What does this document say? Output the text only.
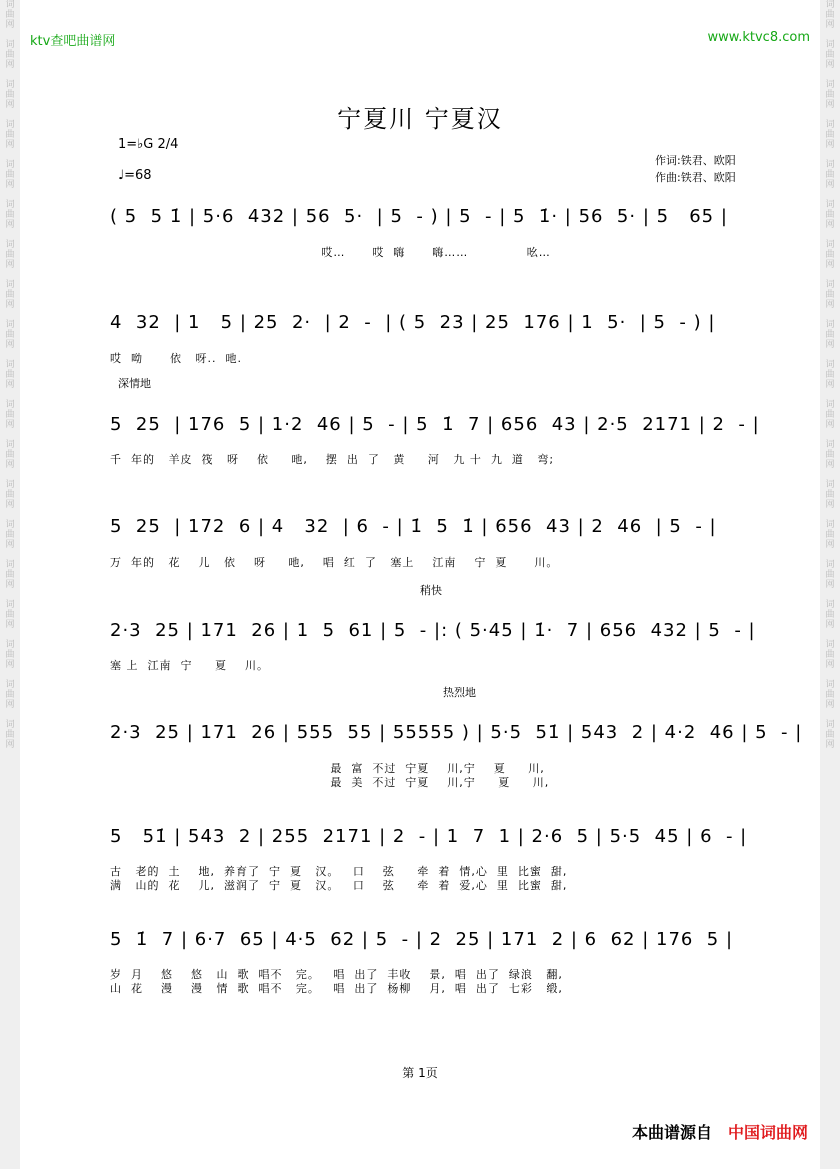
词
曲
网

词
曲
网

词
曲
网

词
曲
网

词
曲
网

词
曲
网

词
曲
网

词
曲
网

词
曲
网

词
曲
网

词
曲
网

词
曲
网

词
曲
网

词
曲
网

词
曲
网

词
曲
网

词
曲
网

词
曲
网

词
曲
网
词
曲
网

词
曲
网

词
曲
网

词
曲
网

词
曲
网

词
曲
网

词
曲
网

词
曲
网

词
曲
网

词
曲
网

词
曲
网

词
曲
网

词
曲
网

词
曲
网

词
曲
网

词
曲
网

词
曲
网

词
曲
网

词
曲
网
ktv查吧曲谱网	www.ktvc8.com
宁夏川 宁夏汉
1=♭G 2/4
♩=68
作词:铁君、欧阳
作曲:铁君、欧阳
( 5  5 1̇ | 5·6  432 | 56  5·  | 5  - ) | 5  - | 5  1̇· | 56  5· | 5   65 |
哎…      哎  嗨      嗨……             吆…
4  32  | 1   5 | 25  2·  | 2  -  | ( 5  23 | 25  176 | 1  5·  | 5  - ) |
哎  呦      依   呀..  吔.
深情地
5  25  | 176  5 | 1·2  46 | 5  - | 5  1̇  7 | 656  43 | 2·5  2171 | 2  - |
千  年的   羊皮  筏   呀    依     吔,    摆  出  了   黄     河   九 十  九  道   弯;
5  25  | 172  6 | 4   32  | 6  - | 1̇  5  1̇ | 656  43 | 2  46  | 5  - |
万  年的   花    儿   依    呀     吔,    唱  红  了   塞上    江南    宁  夏      川。
稍快
2·3  25 | 171  26 | 1  5  61 | 5  - |: ( 5·45 | 1̇·  7 | 656  432 | 5  - |
塞 上  江南  宁     夏    川。
热烈地
2·3  25 | 171  26 | 555  55 | 55555 ) | 5·5  51̇ | 543  2 | 4·2  46 | 5  - |
最  富  不过  宁夏    川,宁    夏     川,
最  美  不过  宁夏    川,宁     夏     川,
5   51̇ | 543  2 | 255  2171 | 2  - | 1  7  1 | 2·6  5 | 5·5  45 | 6  - |
古   老的  土    地,  养育了  宁  夏   汉。   口    弦     牵  着  情,心  里  比蜜  甜,
满   山的  花    儿,  滋润了  宁  夏   汉。   口    弦     牵  着  爱,心  里  比蜜  甜,
5  1̇  7 | 6·7  65 | 4·5  62 | 5  - | 2  25 | 171  2 | 6  62 | 176  5 |
岁  月    悠    悠   山  歌  唱不   完。   唱  出了  丰收    景,  唱  出了  绿浪   翻,
山  花    漫    漫   情  歌  唱不   完。   唱  出了  杨柳    月,  唱  出了  七彩   缎,
第 1页
本曲谱源自 中国词曲网
